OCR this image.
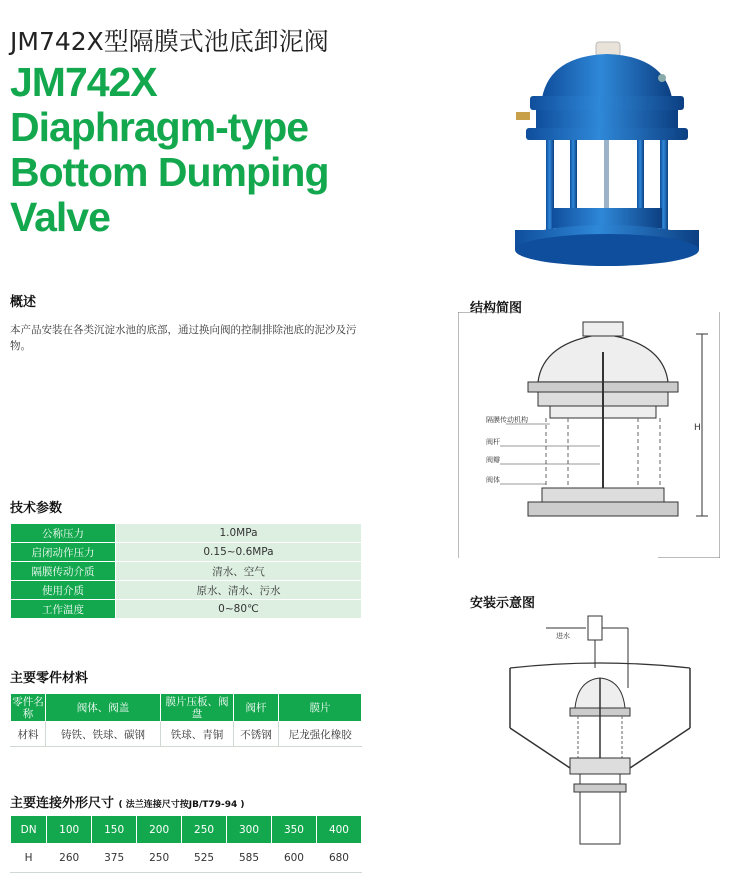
JM742X型隔膜式池底卸泥阀
JM742X
Diaphragm-type
Bottom Dumping
Valve
概述
本产品安装在各类沉淀水池的底部，通过换向阀的控制排除池底的泥沙及污物。
技术参数
公称压力	1.0MPa
启闭动作压力	0.15~0.6MPa
隔膜传动介质	清水、空气
使用介质	原水、清水、污水
工作温度	0~80℃
主要零件材料
零件名称	阀体、阀盖	膜片压板、阀盘	阀杆	膜片
材料	铸铁、铁球、碳钢	铁球、青铜	不锈钢	尼龙强化橡胶
主要连接外形尺寸 ( 法兰连接尺寸按JB/T79-94 )
DN	100	150	200	250	300	350	400
H	260	375	250	525	585	600	680
结构简图
H
隔膜传动机构
阀杆
阀瓣
阀体
安装示意图
进水
